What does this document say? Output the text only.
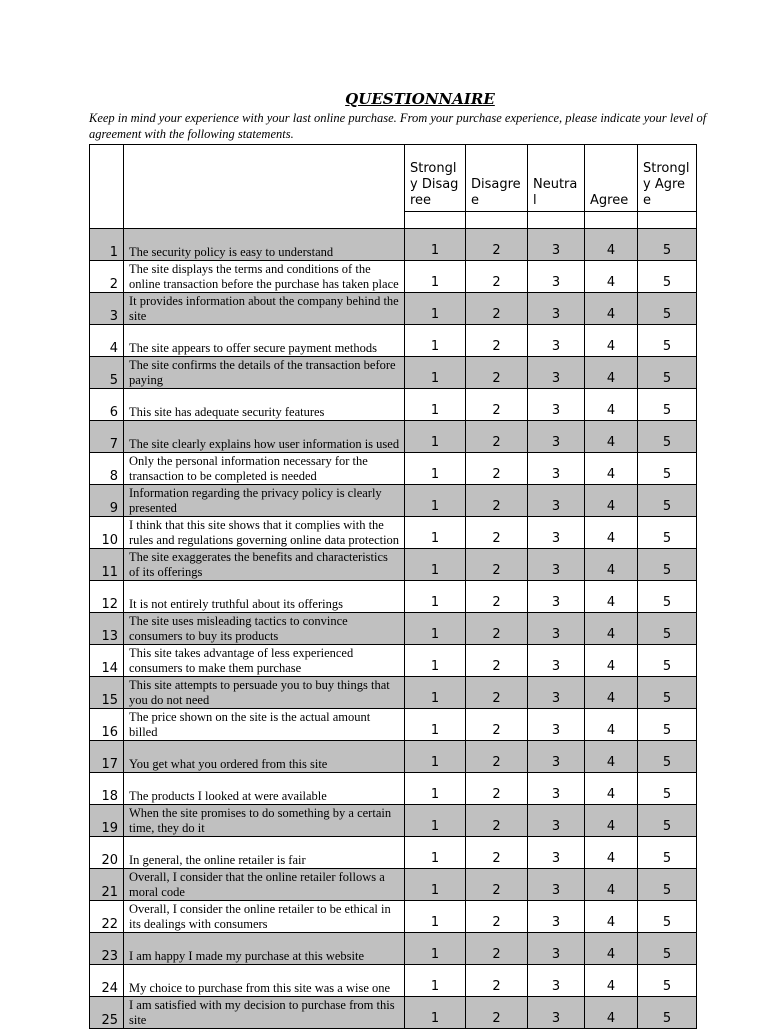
QUESTIONNAIRE
Keep in mind your experience with your last online purchase. From your purchase experience, please indicate your level of agreement with the following statements.
		Strongly Disagree	Disagree	Neutral	Agree	Strongly Agree

1	The security policy is easy to understand	1	2	3	4	5
2	The site displays the terms and conditions of the online transaction before the purchase has taken place	1	2	3	4	5
3	It provides information about the company behind the site	1	2	3	4	5
4	The site appears to offer secure payment methods	1	2	3	4	5
5	The site confirms the details of the transaction before paying	1	2	3	4	5
6	This site has adequate security features	1	2	3	4	5
7	The site clearly explains how user information is used	1	2	3	4	5
8	Only the personal information necessary for the transaction to be completed is needed	1	2	3	4	5
9	Information regarding the privacy policy is clearly presented	1	2	3	4	5
10	I think that this site shows that it complies with the rules and regulations governing online data protection	1	2	3	4	5
11	The site exaggerates the benefits and characteristics of its offerings	1	2	3	4	5
12	It is not entirely truthful about its offerings	1	2	3	4	5
13	The site uses misleading tactics to convince consumers to buy its products	1	2	3	4	5
14	This site takes advantage of less experienced consumers to make them purchase	1	2	3	4	5
15	This site attempts to persuade you to buy things that you do not need	1	2	3	4	5
16	The price shown on the site is the actual amount billed	1	2	3	4	5
17	You get what you ordered from this site	1	2	3	4	5
18	The products I looked at were available	1	2	3	4	5
19	When the site promises to do something by a certain time, they do it	1	2	3	4	5
20	In general, the online retailer is fair	1	2	3	4	5
21	Overall, I consider that the online retailer follows a moral code	1	2	3	4	5
22	Overall, I consider the online retailer to be ethical in its dealings with consumers	1	2	3	4	5
23	I am happy I made my purchase at this website	1	2	3	4	5
24	My choice to purchase from this site was a wise one	1	2	3	4	5
25	I am satisfied with my decision to purchase from this site	1	2	3	4	5
